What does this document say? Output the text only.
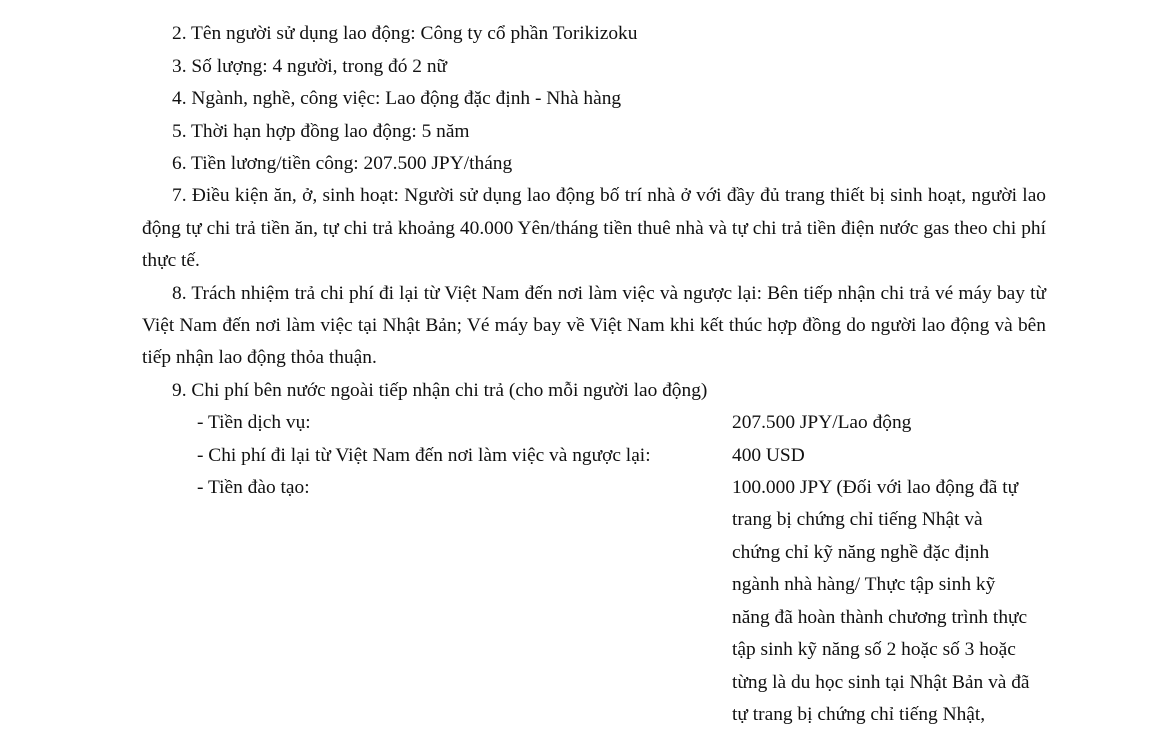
2. Tên người sử dụng lao động: Công ty cổ phần Torikizoku

3. Số lượng: 4 người, trong đó 2 nữ

4. Ngành, nghề, công việc: Lao động đặc định - Nhà hàng

5. Thời hạn hợp đồng lao động: 5 năm

6. Tiền lương/tiền công: 207.500 JPY/tháng

7. Điều kiện ăn, ở, sinh hoạt: Người sử dụng lao động bố trí nhà ở với đầy đủ trang thiết bị sinh hoạt, người lao động tự chi trả tiền ăn, tự chi trả khoảng 40.000 Yên/tháng tiền thuê nhà và tự chi trả tiền điện nước gas theo chi phí thực tế.

8. Trách nhiệm trả chi phí đi lại từ Việt Nam đến nơi làm việc và ngược lại: Bên tiếp nhận chi trả vé máy bay từ Việt Nam đến nơi làm việc tại Nhật Bản; Vé máy bay về Việt Nam khi kết thúc hợp đồng do người lao động và bên tiếp nhận lao động thỏa thuận.

9. Chi phí bên nước ngoài tiếp nhận chi trả (cho mỗi người lao động)

- Tiền dịch vụ:	207.500 JPY/Lao động
- Chi phí đi lại từ Việt Nam đến nơi làm việc và ngược lại:	400 USD
- Tiền đào tạo:	100.000 JPY (Đối với lao động đã tự trang bị chứng chỉ tiếng Nhật và chứng chỉ kỹ năng nghề đặc định ngành nhà hàng/ Thực tập sinh kỹ năng đã hoàn thành chương trình thực tập sinh kỹ năng số 2 hoặc số 3 hoặc từng là du học sinh tại Nhật Bản và đã tự trang bị chứng chỉ tiếng Nhật,
